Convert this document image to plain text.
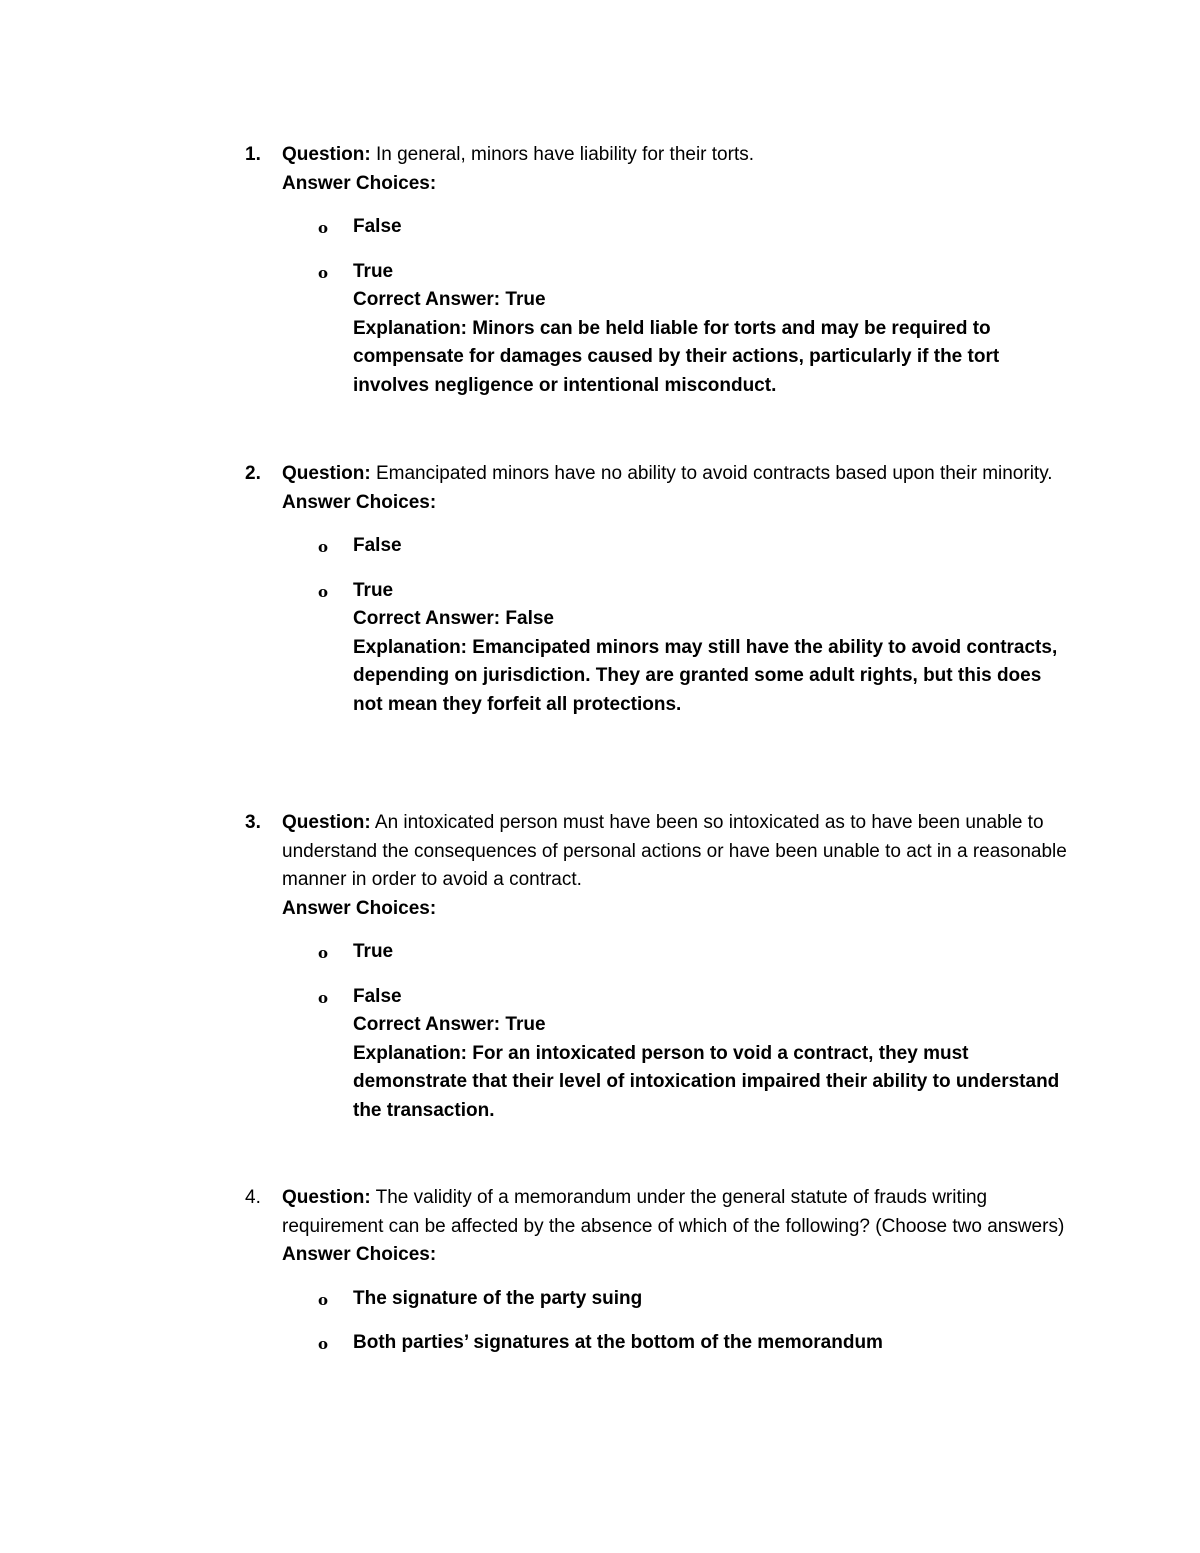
1. Question: In general, minors have liability for their torts.
Answer Choices:
o False
o True
Correct Answer: True
Explanation: Minors can be held liable for torts and may be required to compensate for damages caused by their actions, particularly if the tort involves negligence or intentional misconduct.
2. Question: Emancipated minors have no ability to avoid contracts based upon their minority.
Answer Choices:
o False
o True
Correct Answer: False
Explanation: Emancipated minors may still have the ability to avoid contracts, depending on jurisdiction. They are granted some adult rights, but this does not mean they forfeit all protections.
3. Question: An intoxicated person must have been so intoxicated as to have been unable to understand the consequences of personal actions or have been unable to act in a reasonable manner in order to avoid a contract.
Answer Choices:
o True
o False
Correct Answer: True
Explanation: For an intoxicated person to void a contract, they must demonstrate that their level of intoxication impaired their ability to understand the transaction.
4. Question: The validity of a memorandum under the general statute of frauds writing requirement can be affected by the absence of which of the following? (Choose two answers)
Answer Choices:
o The signature of the party suing
o Both parties’ signatures at the bottom of the memorandum
